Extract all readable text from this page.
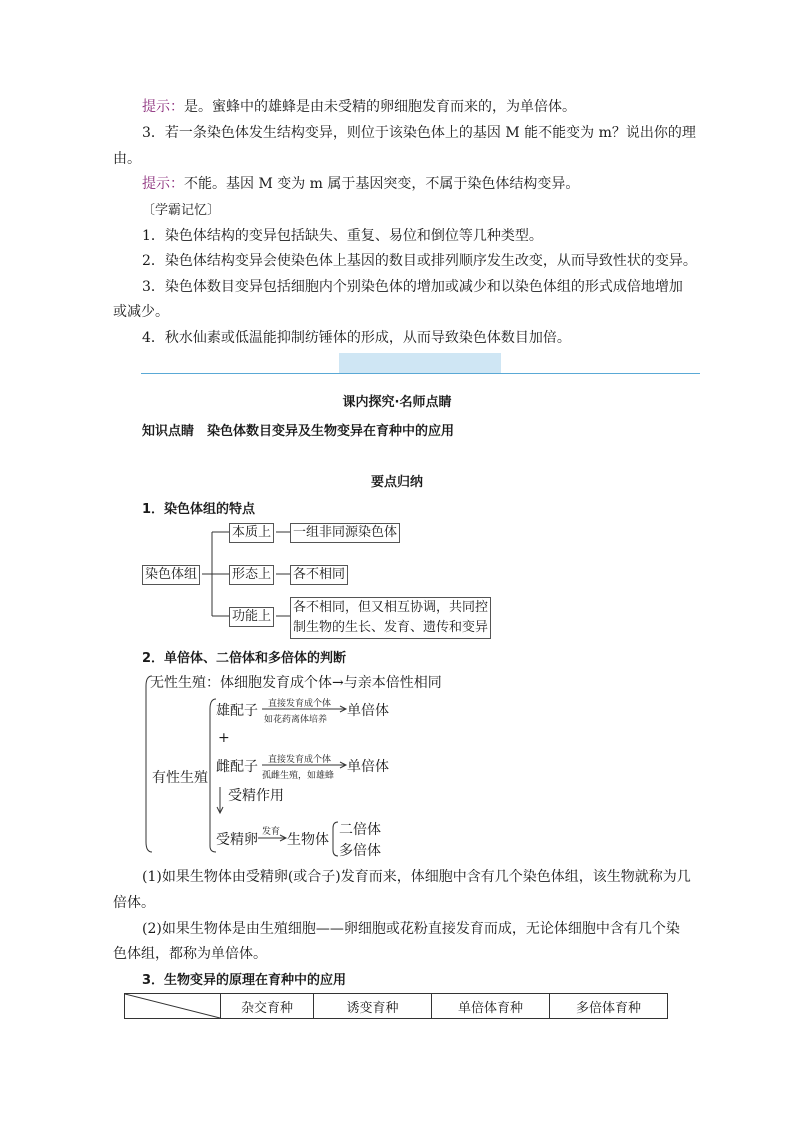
提示：是。蜜蜂中的雄蜂是由未受精的卵细胞发育而来的，为单倍体。
3．若一条染色体发生结构变异，则位于该染色体上的基因 M 能不能变为 m？说出你的理
由。
提示：不能。基因 M 变为 m 属于基因突变，不属于染色体结构变异。
〔学霸记忆〕
1．染色体结构的变异包括缺失、重复、易位和倒位等几种类型。
2．染色体结构变异会使染色体上基因的数目或排列顺序发生改变，从而导致性状的变异。
3．染色体数目变异包括细胞内个别染色体的增加或减少和以染色体组的形式成倍地增加
或减少。
4．秋水仙素或低温能抑制纺锤体的形成，从而导致染色体数目加倍。
课内探究·名师点睛
知识点睛　染色体数目变异及生物变异在育种中的应用
要点归纳
1．染色体组的特点
染色体组
本质上 一组非同源染色体
形态上 各不相同
功能上
各不相同，但又相互协调，共同控
制生物的生长、发育、遗传和变异
2．单倍体、二倍体和多倍体的判断
无性生殖：体细胞发育成个体→与亲本倍性相同
有性生殖
雄配子 直接发育成个体
如花药离体培养
单倍体
+
雌配子 直接发育成个体
孤雌生殖，如雄蜂
单倍体
受精作用
受精卵 发育 生物体
二倍体
多倍体
(1)如果生物体由受精卵(或合子)发育而来，体细胞中含有几个染色体组，该生物就称为几
倍体。
(2)如果生物体是由生殖细胞——卵细胞或花粉直接发育而成，无论体细胞中含有几个染
色体组，都称为单倍体。
3．生物变异的原理在育种中的应用
	杂交育种	诱变育种	单倍体育种	多倍体育种
